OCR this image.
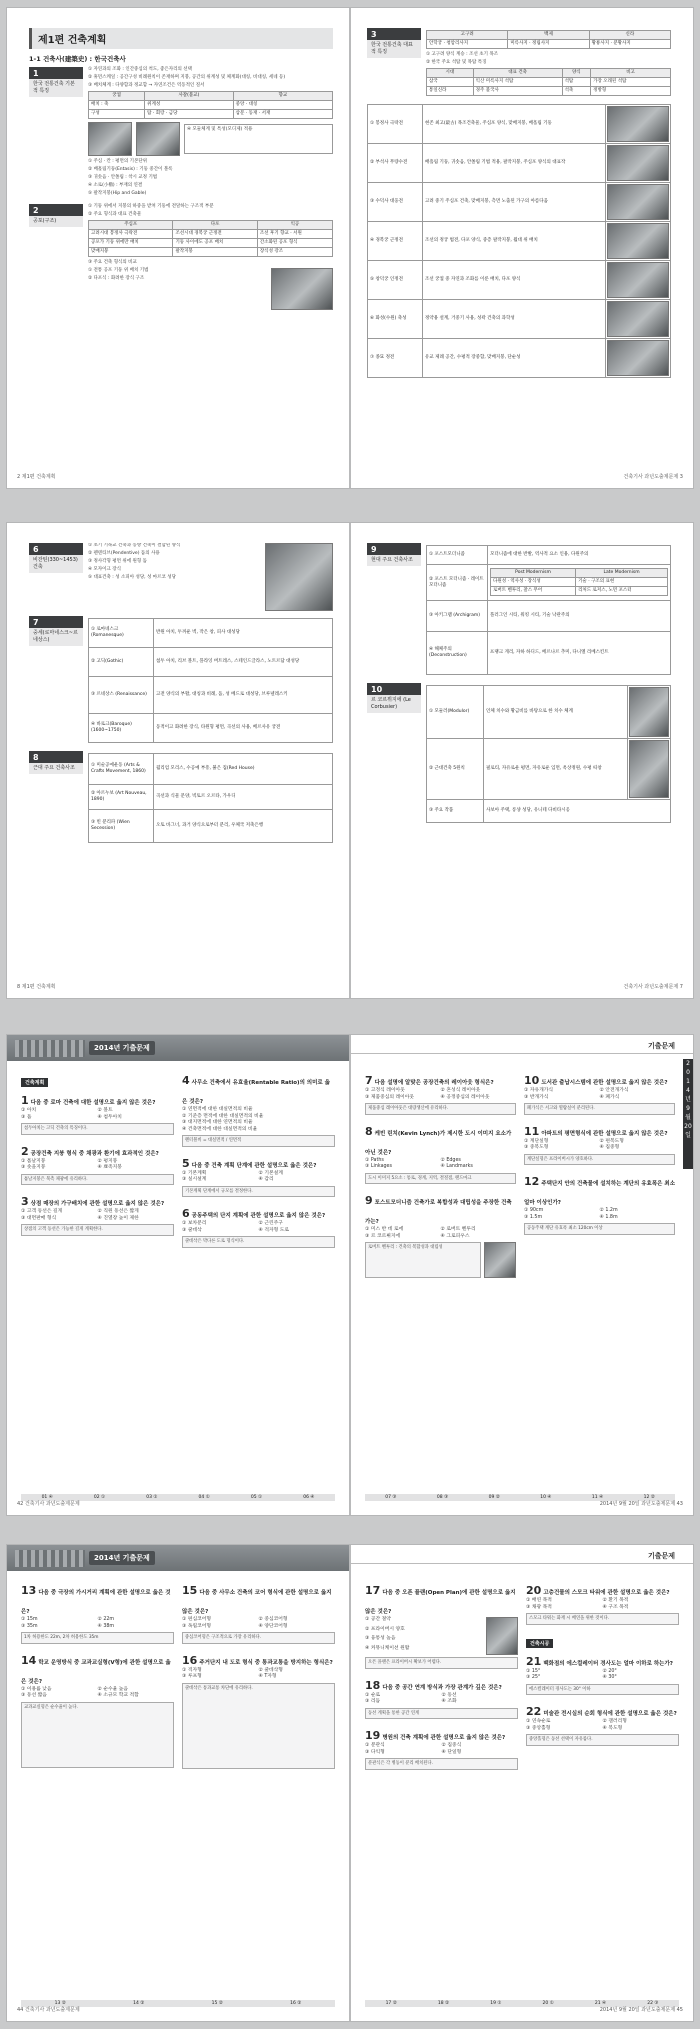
제1편 건축계획
1-1 건축사(建築史) : 한국건축사
1
한국 전통건축 기본적 특징

① 자연과의 조화 : 인간중심의 척도, 좋은자리의 선택

② 휴먼스케일 : 공간구성 비례원칙이 존재하며 지붕, 공간의 위계성 및 체계화(대칭, 비대칭, 세네 등)

③ 배치체계 : 다양함과 정교함 → 자연조건은 역동적인 질서

궁궐	사찰(불교)	향교
배치 : 축	위계성	중앙 · 대칭
구성	탑 · 회랑 · 금당	삼문 · 동재 · 서재

④ 모듈체계 및 특성(모디제) 적용

① 주심 · 칸 : 평면의 기본단위

② 배흘림기둥(Entasis) : 기둥 중간이 볼록

③ 귀솟음 · 안쏠림 : 착시 교정 기법

④ 소로(小櫓) : 부재의 연결

⑤ 팔작지붕(Hip and Gable)

2
공포(구조)

① 기둥 위에서 지붕의 하중을 받쳐 기둥에 전달하는 구조적 부분

② 주요 형식과 대표 건축물

주심포	다포	익공
고려시대 봉정사 극락전	조선시대 경복궁 근정전	조선 후기 향교 · 서원
공포가 기둥 위에만 배치	기둥 사이에도 공포 배치	간소화된 공포 형식
맞배지붕	팔작지붕	장식성 강조

③ 주요 건축 형식의 비교

① 전통 공포 기둥 위 배치 기법

② 다포식 : 화려한 장식 구조

2 제1편 건축계획
3
한국 전통건축 대표적 특징
고구려	백제	신라
안학궁 · 청암리사지	미륵사지 · 정림사지	황룡사지 · 분황사지

① 고구려 양식 계승 : 조선 초기 목조

② 한국 주요 석탑 및 목탑 특징

시대	대표 건축	양식	비고
삼국	익산 미륵사지 석탑	석탑	가장 오래된 석탑
통일신라	경주 불국사	석축	정방형
① 봉정사 극락전	현존 최고(最古) 목조건축물, 주심포 양식, 맞배지붕, 배흘림 기둥	

② 부석사 무량수전	배흘림 기둥, 귀솟음, 안쏠림 기법 적용, 팔작지붕, 주심포 양식의 대표작	

③ 수덕사 대웅전	고려 중기 주심포 건축, 맞배지붕, 측면 노출된 가구의 아름다움	

④ 경복궁 근정전	조선의 정궁 법전, 다포 양식, 중층 팔작지붕, 월대 위 배치	

⑤ 창덕궁 인정전	조선 궁궐 중 자연과 조화를 이룬 배치, 다포 양식	

⑥ 화성(수원) 축성	정약용 설계, 거중기 사용, 성곽 건축의 과학성	

⑦ 종묘 정전	유교 제례 공간, 수평적 장중함, 맞배지붕, 단순성	
건축기사 과년도출제문제 3
6
비잔틴(330~1453) 건축

① 초기 기독교 건축과 동방 건축이 결합된 양식

② 펜덴티브(Pendentive) 돔의 사용

③ 정사각형 평면 위에 원형 돔

④ 모자이크 장식

⑤ 대표건축 : 성 소피아 성당, 성 마르코 성당

7
중세(로마네스크~르네상스)
① 로마네스크 (Romanesque)	반원 아치, 두꺼운 벽, 작은 창, 피사 대성당
② 고딕(Gothic)	첨두 아치, 리브 볼트, 플라잉 버트레스, 스테인드글라스, 노트르담 대성당
③ 르네상스 (Renaissance)	고전 양식의 부활, 대칭과 비례, 돔, 성 베드로 대성당, 브루넬레스키
④ 바로크(Baroque) (1600~1750)	동적이고 화려한 장식, 타원형 평면, 곡선의 사용, 베르사유 궁전
8
근대 주요 건축사조	① 미술공예운동 (Arts & Crafts Movement, 1860)	윌리엄 모리스, 수공예 부흥, 붉은 집(Red House)
② 아르누보 (Art Nouveau, 1890)	곡선과 식물 문양, 빅토르 오르타, 가우디
③ 빈 분리파 (Wien Secession)	오토 바그너, 과거 양식으로부터 분리, 우체국 저축은행
8 제1편 건축계획
9
현대 주요 건축사조
① 포스트모더니즘	모더니즘에 대한 반발, 역사적 요소 인용, 다원주의
② 포스트 모더니즘 · 레이트 모더니즘	
Post Modernism	Late Modernism
다원성 · 역사성 · 장식성	기술 · 구조의 표현
로버트 벤투리, 찰스 무어	리처드 로저스, 노먼 포스터

③ 아키그램 (Archigram)	플러그인 시티, 워킹 시티, 기술 낙관주의
④ 해체주의 (Deconstruction)	프랭크 게리, 자하 하디드, 베르나르 추미, 다니엘 리베스킨트
10
르 코르뷔지에 (Le Corbusier)
① 모듈러(Modulor)	인체 치수와 황금비를 바탕으로 한 치수 체계	

② 근대건축 5원칙	필로티, 자유로운 평면, 자유로운 입면, 옥상정원, 수평 띠창	

③ 주요 작품	사보아 주택, 롱샹 성당, 유니테 다비타시옹	
건축기사 과년도출제문제 7
2014년 기출문제
건축계획
1 다음 중 로마 건축에 대한 설명으로 옳지 않은 것은?
① 아치	② 볼트
③ 돔	④ 첨두아치
첨두아치는 고딕 건축의 특징이다.
2 공장건축 지붕 형식 중 채광과 환기에 효과적인 것은?
① 톱날지붕	② 평지붕
③ 솟을지붕	④ 뾰족지붕
톱날지붕은 북측 채광에 유리하다.
3 상점 매장의 가구배치에 관한 설명으로 옳지 않은 것은?
① 고객 동선은 길게	② 직원 동선은 짧게
③ 대면판매 형식	④ 진열장 높이 제한
상점의 고객 동선은 가능한 길게 계획한다.
4 사무소 건축에서 유효율(Rentable Ratio)의 의미로 옳은 것은?
① 연면적에 대한 대실면적의 비율
② 기준층 면적에 대한 대실면적의 비율
③ 대지면적에 대한 연면적의 비율
④ 건축면적에 대한 대실면적의 비율
렌터블비 = 대실면적 / 연면적
5 다음 중 건축 계획 단계에 관한 설명으로 옳은 것은?
① 기본계획	② 기본설계
③ 실시설계	④ 감리
기본계획 단계에서 규모를 결정한다.
6 공동주택의 단지 계획에 관한 설명으로 옳지 않은 것은?
① 보차분리	② 근린주구
③ 쿨데삭	④ 격자형 도로
쿨데삭은 막다른 도로 형식이다.
01 ④	02 ①	03 ①	04 ①	05 ①	06 ④
42 건축기사 과년도출제문제
기출문제
2
0
1
4
년
9
월
20
일
7 다음 설명에 알맞은 공장건축의 레이아웃 형식은?
① 고정식 레이아웃	② 혼성식 레이아웃
③ 제품중심의 레이아웃	④ 공정중심의 레이아웃
제품중심 레이아웃은 대량생산에 유리하다.
8 케빈 린치(Kevin Lynch)가 제시한 도시 이미지 요소가 아닌 것은?
① Paths	② Edges
③ Linkages	④ Landmarks
도시 이미지 5요소 : 통로, 경계, 지역, 결절점, 랜드마크
9 포스트모더니즘 건축가로 복합성과 대립성을 주장한 건축가는?
① 미스 반 데 로에	② 로버트 벤투리
③ 르 코르뷔지에	④ 그로피우스
로버트 벤투리 : 건축의 복합성과 대립성
10 도서관 출납시스템에 관한 설명으로 옳지 않은 것은?
① 자유개가식	② 안전개가식
③ 반개가식	④ 폐가식
폐가식은 서고와 열람실이 분리된다.
11 아파트의 평면형식에 관한 설명으로 옳지 않은 것은?
① 계단실형	② 편복도형
③ 중복도형	④ 집중형
계단실형은 프라이버시가 양호하다.
12 주택단지 안의 건축물에 설치하는 계단의 유효폭은 최소 얼마 이상인가?
① 90cm	② 1.2m
③ 1.5m	④ 1.8m
공동주택 계단 유효폭 최소 120cm 이상
07 ③	08 ③	09 ②	10 ④	11 ④	12 ②
2014년 9월 20일 과년도출제문제 43
2014년 기출문제
13 다음 중 극장의 가시거리 계획에 관한 설명으로 옳은 것은?
① 15m	② 22m
③ 35m	④ 38m
1차 허용한도 22m, 2차 허용한도 35m
14 학교 운영방식 중 교과교실형(V형)에 관한 설명으로 옳은 것은?
① 이용률 낮음	② 순수율 높음
③ 동선 짧음	④ 소규모 학교 적합
교과교실형은 순수율이 높다.
15 다음 중 사무소 건축의 코어 형식에 관한 설명으로 옳지 않은 것은?
① 편심코어형	② 중심코어형
③ 독립코어형	④ 양단코어형
중심코어형은 구조적으로 가장 유리하다.
16 주거단지 내 도로 형식 중 통과교통을 방지하는 형식은?
① 격자형	② 쿨데삭형
③ 루프형	④ T자형
쿨데삭은 통과교통 차단에 유리하다.
13 ②	14 ②	15 ②	16 ②
44 건축기사 과년도출제문제
기출문제
17 다음 중 오픈 플랜(Open Plan)에 관한 설명으로 옳지 않은 것은?
① 공간 절약
② 프라이버시 양호
③ 융통성 높음
④ 커뮤니케이션 원활
오픈 플랜은 프라이버시 확보가 어렵다.
18 다음 중 공간 연계 방식과 가장 관계가 깊은 것은?
① 순로	② 동선
③ 리듬	④ 조화
동선 계획을 통한 공간 연계
19 병원의 건축 계획에 관한 설명으로 옳지 않은 것은?
① 분관식	② 집중식
③ 다익형	④ 단일형
분관식은 각 병동이 분리 배치된다.
20 고층건물의 스모크 타워에 관한 설명으로 옳은 것은?
① 배연 목적	② 환기 목적
③ 채광 목적	④ 구조 목적
스모크 타워는 화재 시 배연을 위한 것이다.
건축시공
21 백화점의 에스컬레이터 경사도는 얼마 이하로 하는가?
① 15°	② 20°
③ 25°	④ 30°
에스컬레이터 경사도는 30° 이하
22 미술관 전시실의 순회 형식에 관한 설명으로 옳은 것은?
① 연속순로	② 갤러리형
③ 중앙홀형	④ 복도형
중앙홀형은 동선 선택이 자유롭다.
17 ②	18 ②	19 ①	20 ①	21 ④	22 ③
2014년 9월 20일 과년도출제문제 45
